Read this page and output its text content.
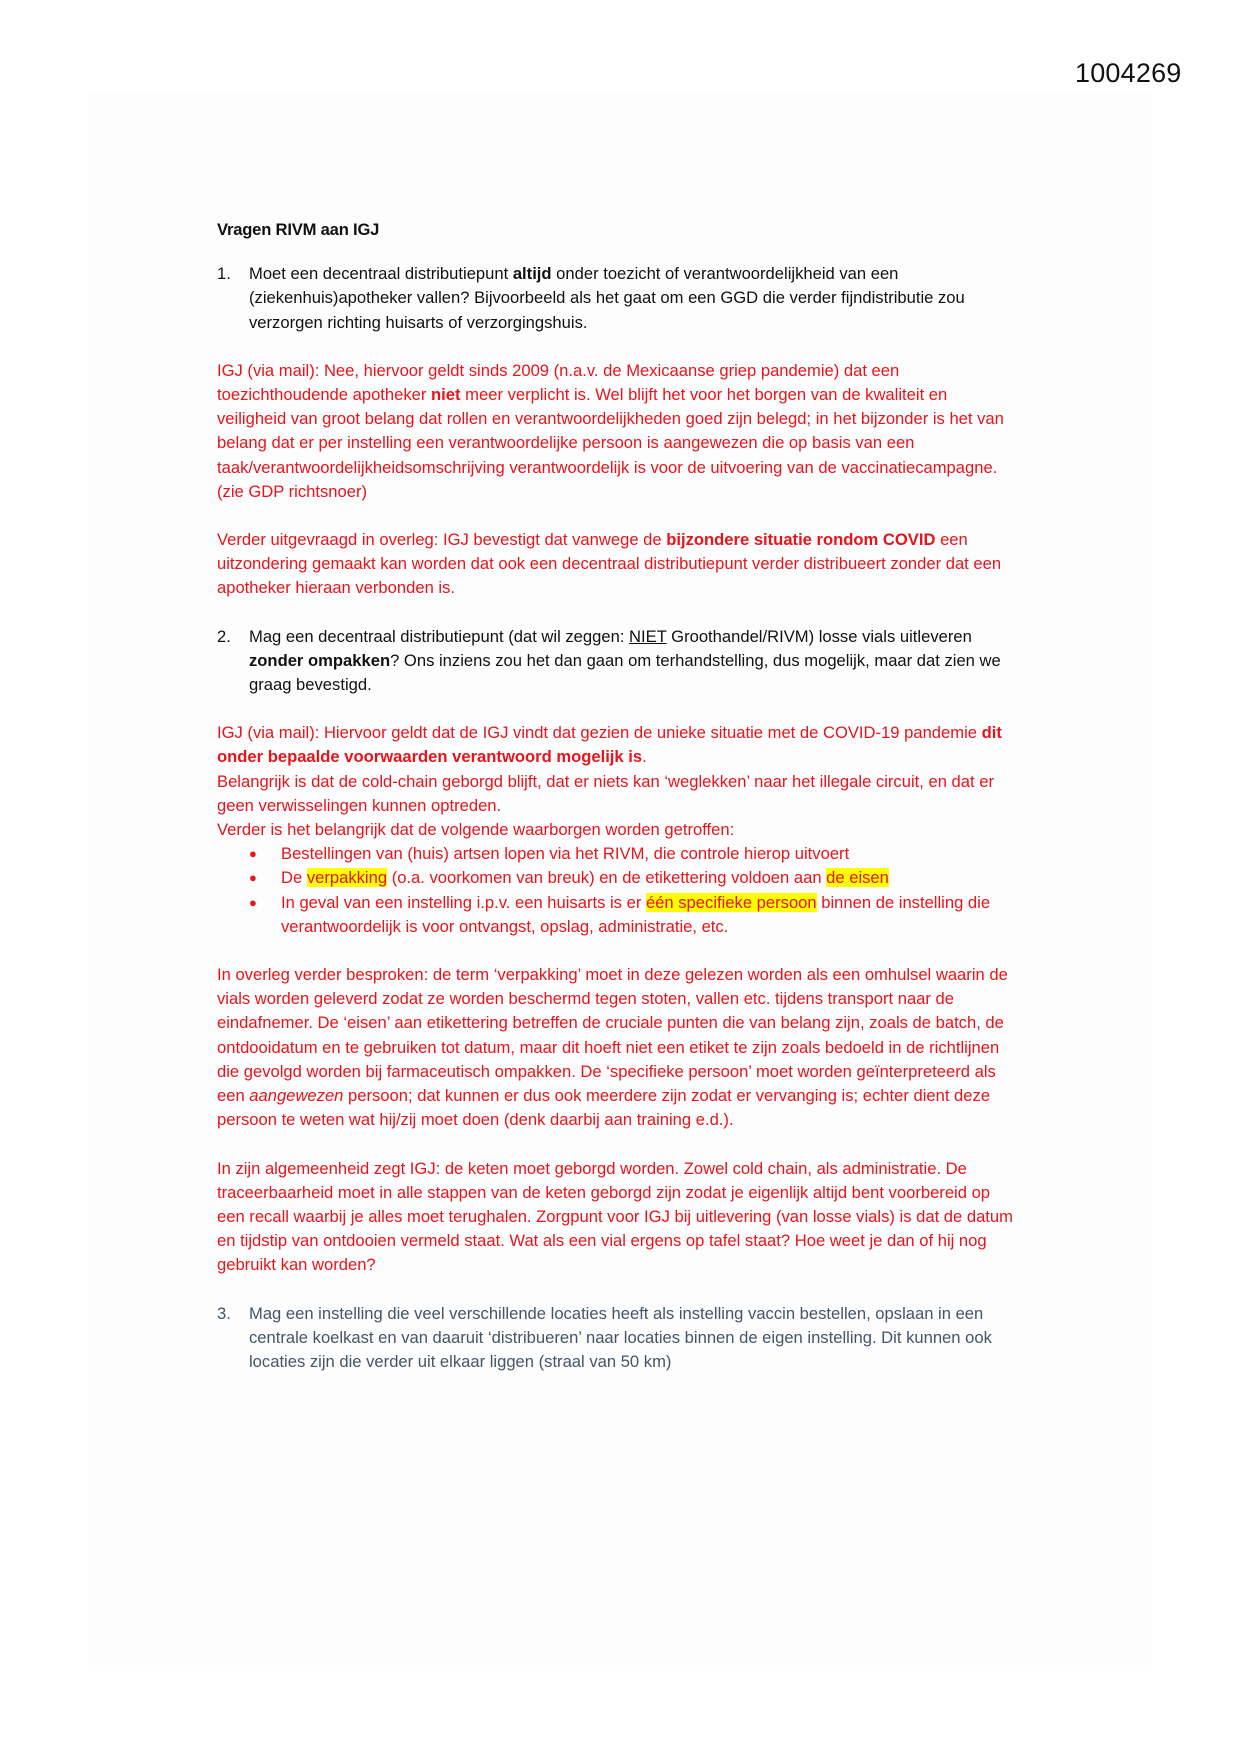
1004269
Vragen RIVM aan IGJ
1.	Moet een decentraal distributiepunt altijd onder toezicht of verantwoordelijkheid van een (ziekenhuis)apotheker vallen? Bijvoorbeeld als het gaat om een GGD die verder fijndistributie zou verzorgen richting huisarts of verzorgingshuis.

IGJ (via mail): Nee, hiervoor geldt sinds 2009 (n.a.v. de Mexicaanse griep pandemie) dat een toezichthoudende apotheker niet meer verplicht is. Wel blijft het voor het borgen van de kwaliteit en veiligheid van groot belang dat rollen en verantwoordelijkheden goed zijn belegd; in het bijzonder is het van belang dat er per instelling een verantwoordelijke persoon is aangewezen die op basis van een taak/verantwoordelijkheidsomschrijving verantwoordelijk is voor de uitvoering van de vaccinatiecampagne. (zie GDP richtsnoer)

Verder uitgevraagd in overleg: IGJ bevestigt dat vanwege de bijzondere situatie rondom COVID een uitzondering gemaakt kan worden dat ook een decentraal distributiepunt verder distribueert zonder dat een apotheker hieraan verbonden is.

2.	Mag een decentraal distributiepunt (dat wil zeggen: NIET Groothandel/RIVM) losse vials uitleveren zonder ompakken? Ons inziens zou het dan gaan om terhandstelling, dus mogelijk, maar dat zien we graag bevestigd.

IGJ (via mail): Hiervoor geldt dat de IGJ vindt dat gezien de unieke situatie met de COVID-19 pandemie dit onder bepaalde voorwaarden verantwoord mogelijk is.

Belangrijk is dat de cold-chain geborgd blijft, dat er niets kan ‘weglekken’ naar het illegale circuit, en dat er geen verwisselingen kunnen optreden.

Verder is het belangrijk dat de volgende waarborgen worden getroffen:

●	Bestellingen van (huis) artsen lopen via het RIVM, die controle hierop uitvoert
●	De verpakking (o.a. voorkomen van breuk) en de etikettering voldoen aan de eisen
●	In geval van een instelling i.p.v. een huisarts is er één specifieke persoon binnen de instelling die verantwoordelijk is voor ontvangst, opslag, administratie, etc.

In overleg verder besproken: de term ‘verpakking’ moet in deze gelezen worden als een omhulsel waarin de vials worden geleverd zodat ze worden beschermd tegen stoten, vallen etc. tijdens transport naar de eindafnemer. De ‘eisen’ aan etikettering betreffen de cruciale punten die van belang zijn, zoals de batch, de ontdooidatum en te gebruiken tot datum, maar dit hoeft niet een etiket te zijn zoals bedoeld in de richtlijnen die gevolgd worden bij farmaceutisch ompakken. De ‘specifieke persoon’ moet worden geïnterpreteerd als een aangewezen persoon; dat kunnen er dus ook meerdere zijn zodat er vervanging is; echter dient deze persoon te weten wat hij/zij moet doen (denk daarbij aan training e.d.).

In zijn algemeenheid zegt IGJ: de keten moet geborgd worden. Zowel cold chain, als administratie. De traceerbaarheid moet in alle stappen van de keten geborgd zijn zodat je eigenlijk altijd bent voorbereid op een recall waarbij je alles moet terughalen. Zorgpunt voor IGJ bij uitlevering (van losse vials) is dat de datum en tijdstip van ontdooien vermeld staat. Wat als een vial ergens op tafel staat? Hoe weet je dan of hij nog gebruikt kan worden?

3.	Mag een instelling die veel verschillende locaties heeft als instelling vaccin bestellen, opslaan in een centrale koelkast en van daaruit ‘distribueren’ naar locaties binnen de eigen instelling. Dit kunnen ook locaties zijn die verder uit elkaar liggen (straal van 50 km)
